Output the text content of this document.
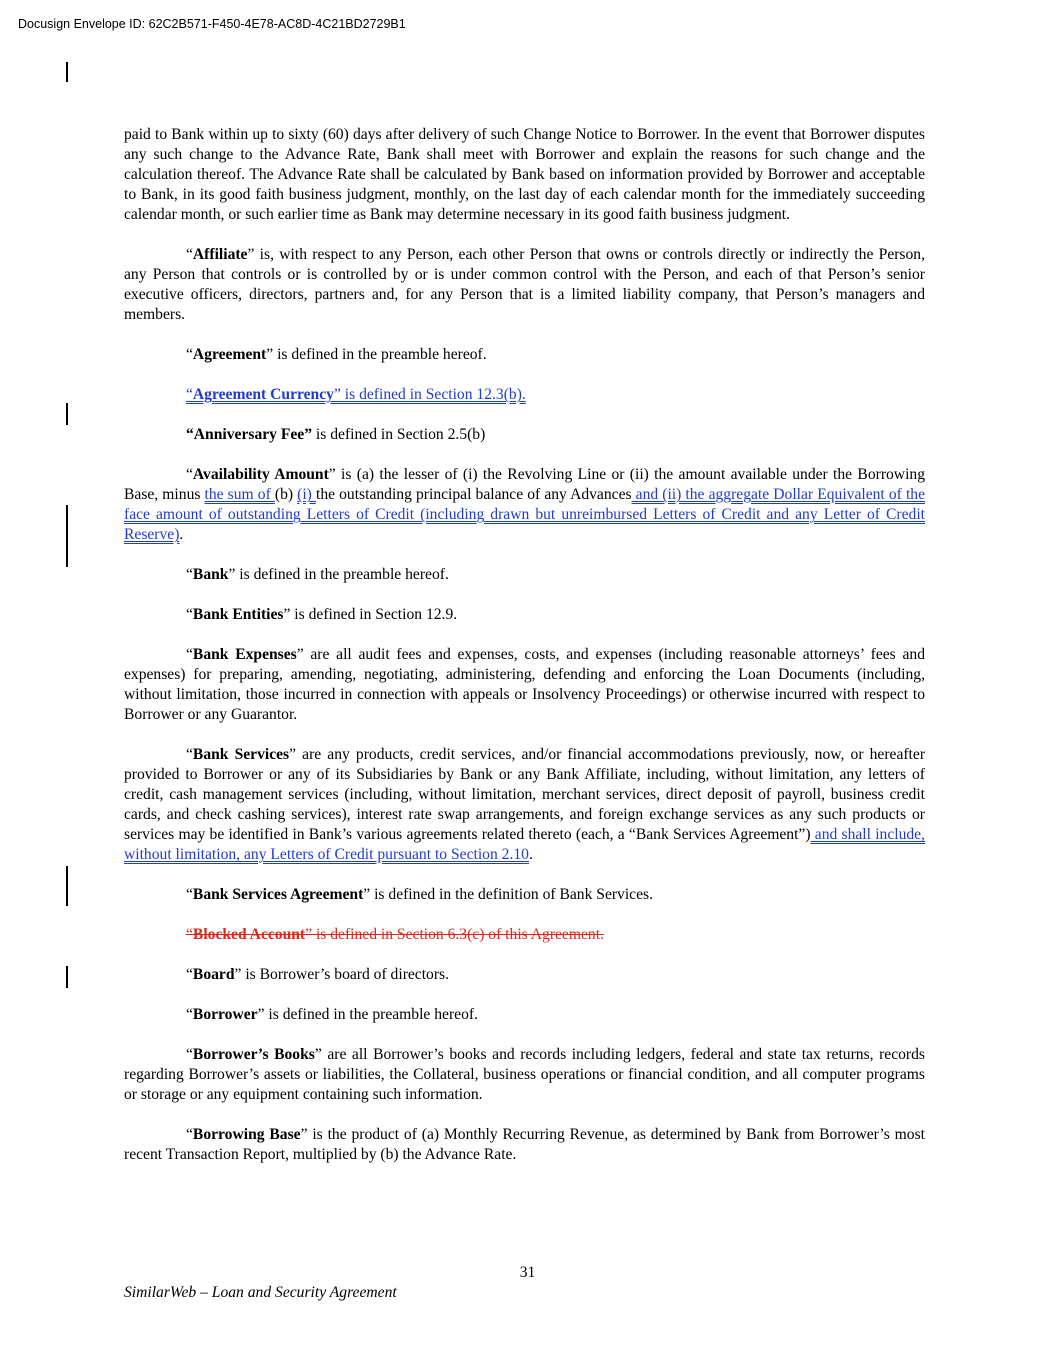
Docusign Envelope ID: 62C2B571-F450-4E78-AC8D-4C21BD2729B1

paid to Bank within up to sixty (60) days after delivery of such Change Notice to Borrower. In the event that Borrower disputes any such change to the Advance Rate, Bank shall meet with Borrower and explain the reasons for such change and the calculation thereof. The Advance Rate shall be calculated by Bank based on information provided by Borrower and acceptable to Bank, in its good faith business judgment, monthly, on the last day of each calendar month for the immediately succeeding calendar month, or such earlier time as Bank may determine necessary in its good faith business judgment.

“Affiliate” is, with respect to any Person, each other Person that owns or controls directly or indirectly the Person, any Person that controls or is controlled by or is under common control with the Person, and each of that Person’s senior executive officers, directors, partners and, for any Person that is a limited liability company, that Person’s managers and members.

“Agreement” is defined in the preamble hereof.

“Agreement Currency” is defined in Section 12.3(b).

“Anniversary Fee” is defined in Section 2.5(b)

“Availability Amount” is (a) the lesser of (i) the Revolving Line or (ii) the amount available under the Borrowing Base, minus the sum of (b) (i) the outstanding principal balance of any Advances and (ii) the aggregate Dollar Equivalent of the face amount of outstanding Letters of Credit (including drawn but unreimbursed Letters of Credit and any Letter of Credit Reserve).

“Bank” is defined in the preamble hereof.

“Bank Entities” is defined in Section 12.9.

“Bank Expenses” are all audit fees and expenses, costs, and expenses (including reasonable attorneys’ fees and expenses) for preparing, amending, negotiating, administering, defending and enforcing the Loan Documents (including, without limitation, those incurred in connection with appeals or Insolvency Proceedings) or otherwise incurred with respect to Borrower or any Guarantor.

“Bank Services” are any products, credit services, and/or financial accommodations previously, now, or hereafter provided to Borrower or any of its Subsidiaries by Bank or any Bank Affiliate, including, without limitation, any letters of credit, cash management services (including, without limitation, merchant services, direct deposit of payroll, business credit cards, and check cashing services), interest rate swap arrangements, and foreign exchange services as any such products or services may be identified in Bank’s various agreements related thereto (each, a “Bank Services Agreement”) and shall include, without limitation, any Letters of Credit pursuant to Section 2.10.

“Bank Services Agreement” is defined in the definition of Bank Services.

“Blocked Account” is defined in Section 6.3(c) of this Agreement.

“Board” is Borrower’s board of directors.

“Borrower” is defined in the preamble hereof.

“Borrower’s Books” are all Borrower’s books and records including ledgers, federal and state tax returns, records regarding Borrower’s assets or liabilities, the Collateral, business operations or financial condition, and all computer programs or storage or any equipment containing such information.

“Borrowing Base” is the product of (a) Monthly Recurring Revenue, as determined by Bank from Borrower’s most recent Transaction Report, multiplied by (b) the Advance Rate.

31
SimilarWeb – Loan and Security Agreement
